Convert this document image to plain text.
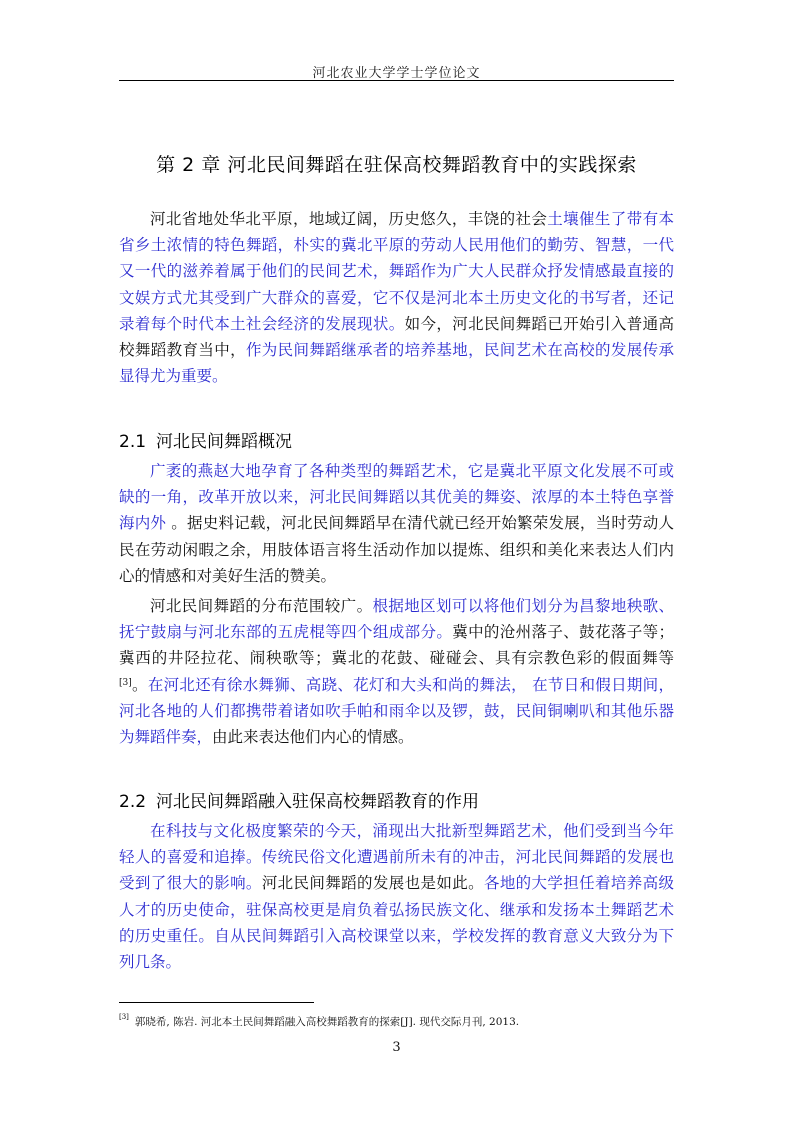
河北农业大学学士学位论文
第 2 章 河北民间舞蹈在驻保高校舞蹈教育中的实践探索

河北省地处华北平原，地域辽阔，历史悠久，丰饶的社会土壤催生了带有本省乡土浓情的特色舞蹈，朴实的冀北平原的劳动人民用他们的勤劳、智慧，一代又一代的滋养着属于他们的民间艺术，舞蹈作为广大人民群众抒发情感最直接的文娱方式尤其受到广大群众的喜爱，它不仅是河北本土历史文化的书写者，还记录着每个时代本土社会经济的发展现状。如今，河北民间舞蹈已开始引入普通高校舞蹈教育当中，作为民间舞蹈继承者的培养基地，民间艺术在高校的发展传承显得尤为重要。

2.1 河北民间舞蹈概况

广袤的燕赵大地孕育了各种类型的舞蹈艺术，它是冀北平原文化发展不可或缺的一角，改革开放以来，河北民间舞蹈以其优美的舞姿、浓厚的本土特色享誉海内外 。据史料记载，河北民间舞蹈早在清代就已经开始繁荣发展，当时劳动人民在劳动闲暇之余，用肢体语言将生活动作加以提炼、组织和美化来表达人们内心的情感和对美好生活的赞美。

河北民间舞蹈的分布范围较广。根据地区划可以将他们划分为昌黎地秧歌、抚宁鼓扇与河北东部的五虎棍等四个组成部分。冀中的沧州落子、鼓花落子等；冀西的井陉拉花、闹秧歌等；冀北的花鼓、碰碰会、具有宗教色彩的假面舞等[3]。在河北还有徐水舞狮、高跷、花灯和大头和尚的舞法， 在节日和假日期间，河北各地的人们都携带着诸如吹手帕和雨伞以及锣，鼓，民间铜喇叭和其他乐器为舞蹈伴奏，由此来表达他们内心的情感。

2.2 河北民间舞蹈融入驻保高校舞蹈教育的作用

在科技与文化极度繁荣的今天，涌现出大批新型舞蹈艺术，他们受到当今年轻人的喜爱和追捧。传统民俗文化遭遇前所未有的冲击，河北民间舞蹈的发展也受到了很大的影响。河北民间舞蹈的发展也是如此。各地的大学担任着培养高级人才的历史使命，驻保高校更是肩负着弘扬民族文化、继承和发扬本土舞蹈艺术的历史重任。自从民间舞蹈引入高校课堂以来，学校发挥的教育意义大致分为下列几条。

[3] 郭晓希, 陈岩. 河北本土民间舞蹈融入高校舞蹈教育的探索[J]. 现代交际月刊, 2013.
3
